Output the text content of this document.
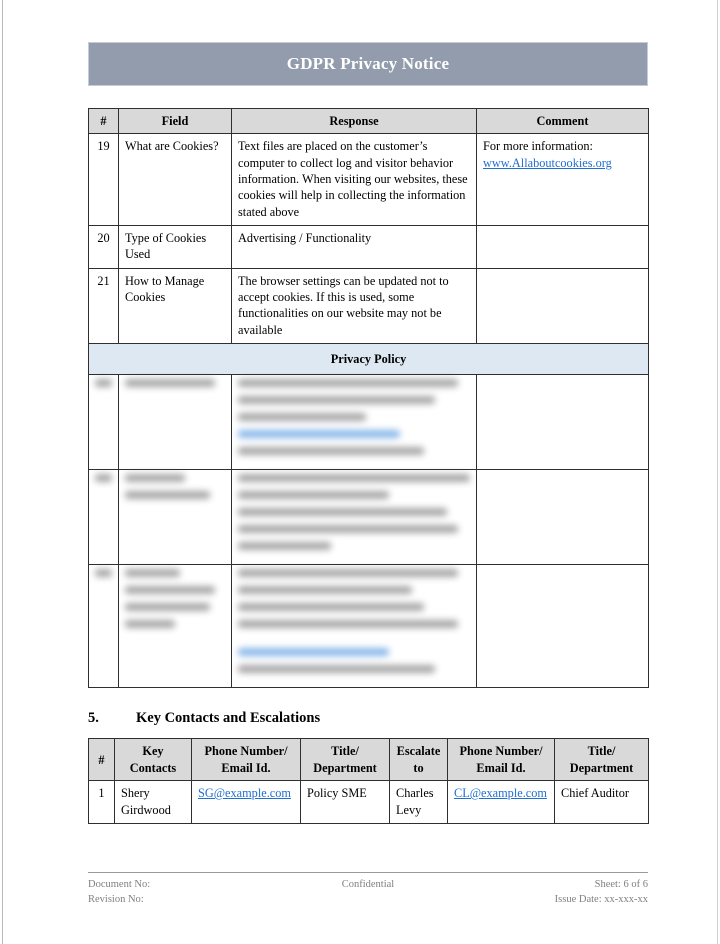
GDPR Privacy Notice
#	Field	Response	Comment
19	What are Cookies?	Text files are placed on the customer’s computer to collect log and visitor behavior information. When visiting our websites, these cookies will help in collecting the information stated above	For more information:
www.Allaboutcookies.org
20	Type of Cookies Used	Advertising / Functionality	
21	How to Manage Cookies	The browser settings can be updated not to accept cookies. If this is used, some functionalities on our website may not be available	
Privacy Policy			

5.	Key Contacts and Escalations
#	Key Contacts	Phone Number/ Email Id.	Title/ Department	Escalate to	Phone Number/ Email Id.	Title/ Department
1	Shery Girdwood	SG@example.com	Policy SME	Charles Levy	CL@example.com	Chief Auditor
Document No:	Confidential	Sheet: 6 of 6
Revision No:	Issue Date: xx-xxx-xx
